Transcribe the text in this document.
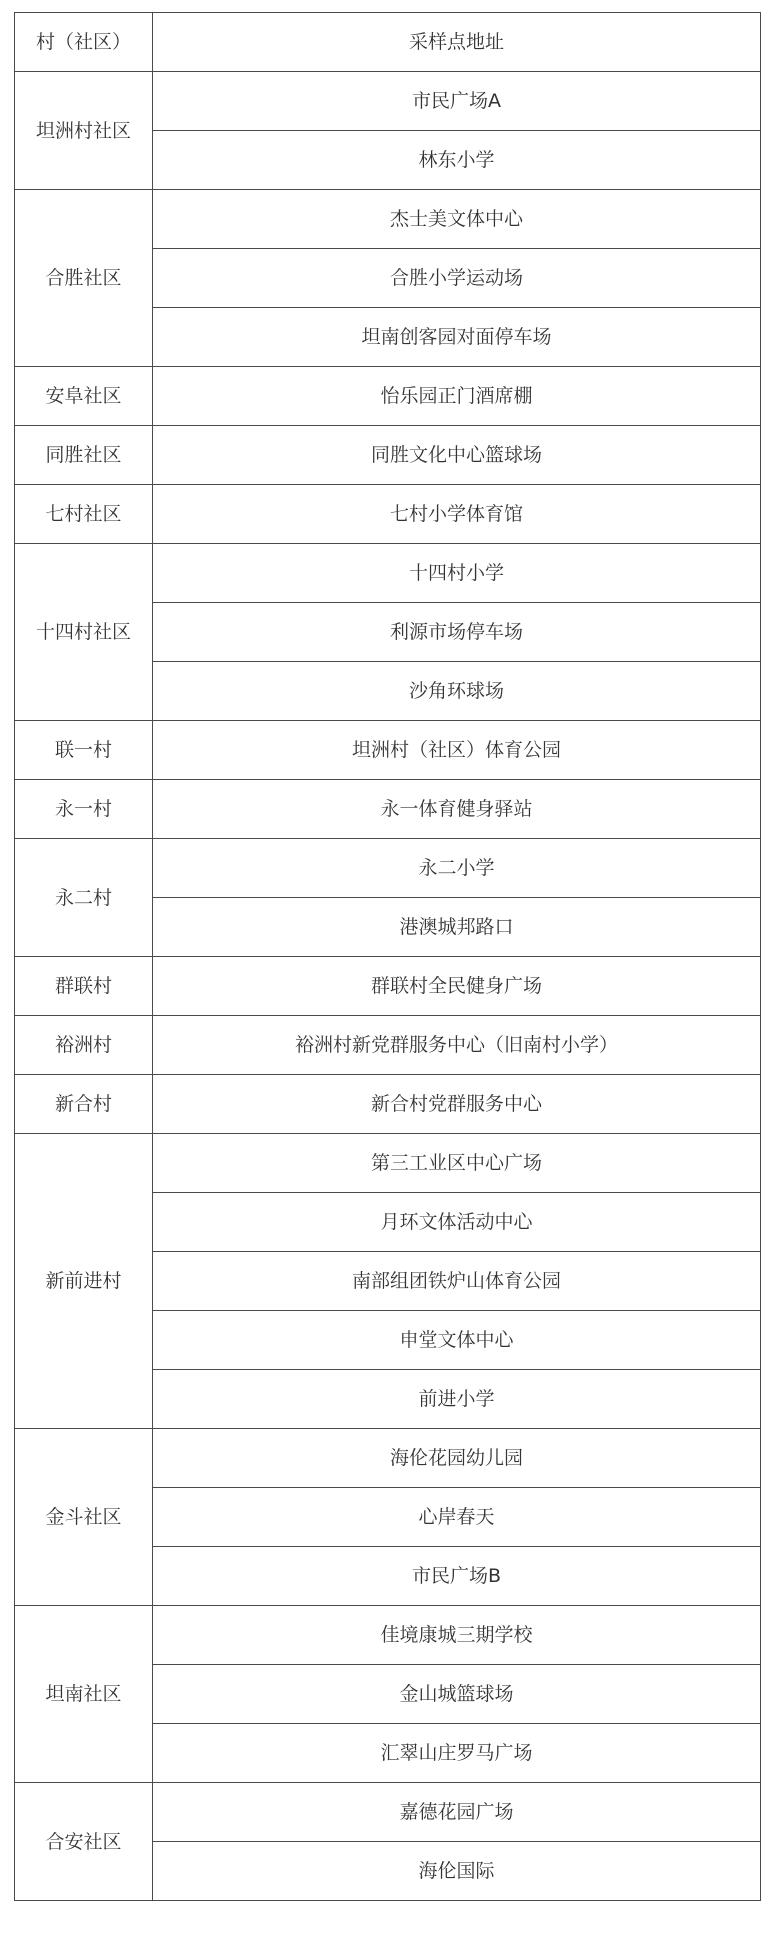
村（社区）	采样点地址
坦洲村社区	市民广场A
	林东小学
合胜社区	杰士美文体中心
	合胜小学运动场
	坦南创客园对面停车场
安阜社区	怡乐园正门酒席棚
同胜社区	同胜文化中心篮球场
七村社区	七村小学体育馆
十四村社区	十四村小学
	利源市场停车场
	沙角环球场
联一村	坦洲村（社区）体育公园
永一村	永一体育健身驿站
永二村	永二小学
	港澳城邦路口
群联村	群联村全民健身广场
裕洲村	裕洲村新党群服务中心（旧南村小学）
新合村	新合村党群服务中心
新前进村	第三工业区中心广场
	月环文体活动中心
	南部组团铁炉山体育公园
	申堂文体中心
	前进小学
金斗社区	海伦花园幼儿园
	心岸春天
	市民广场B
坦南社区	佳境康城三期学校
	金山城篮球场
	汇翠山庄罗马广场
合安社区	嘉德花园广场
	海伦国际
